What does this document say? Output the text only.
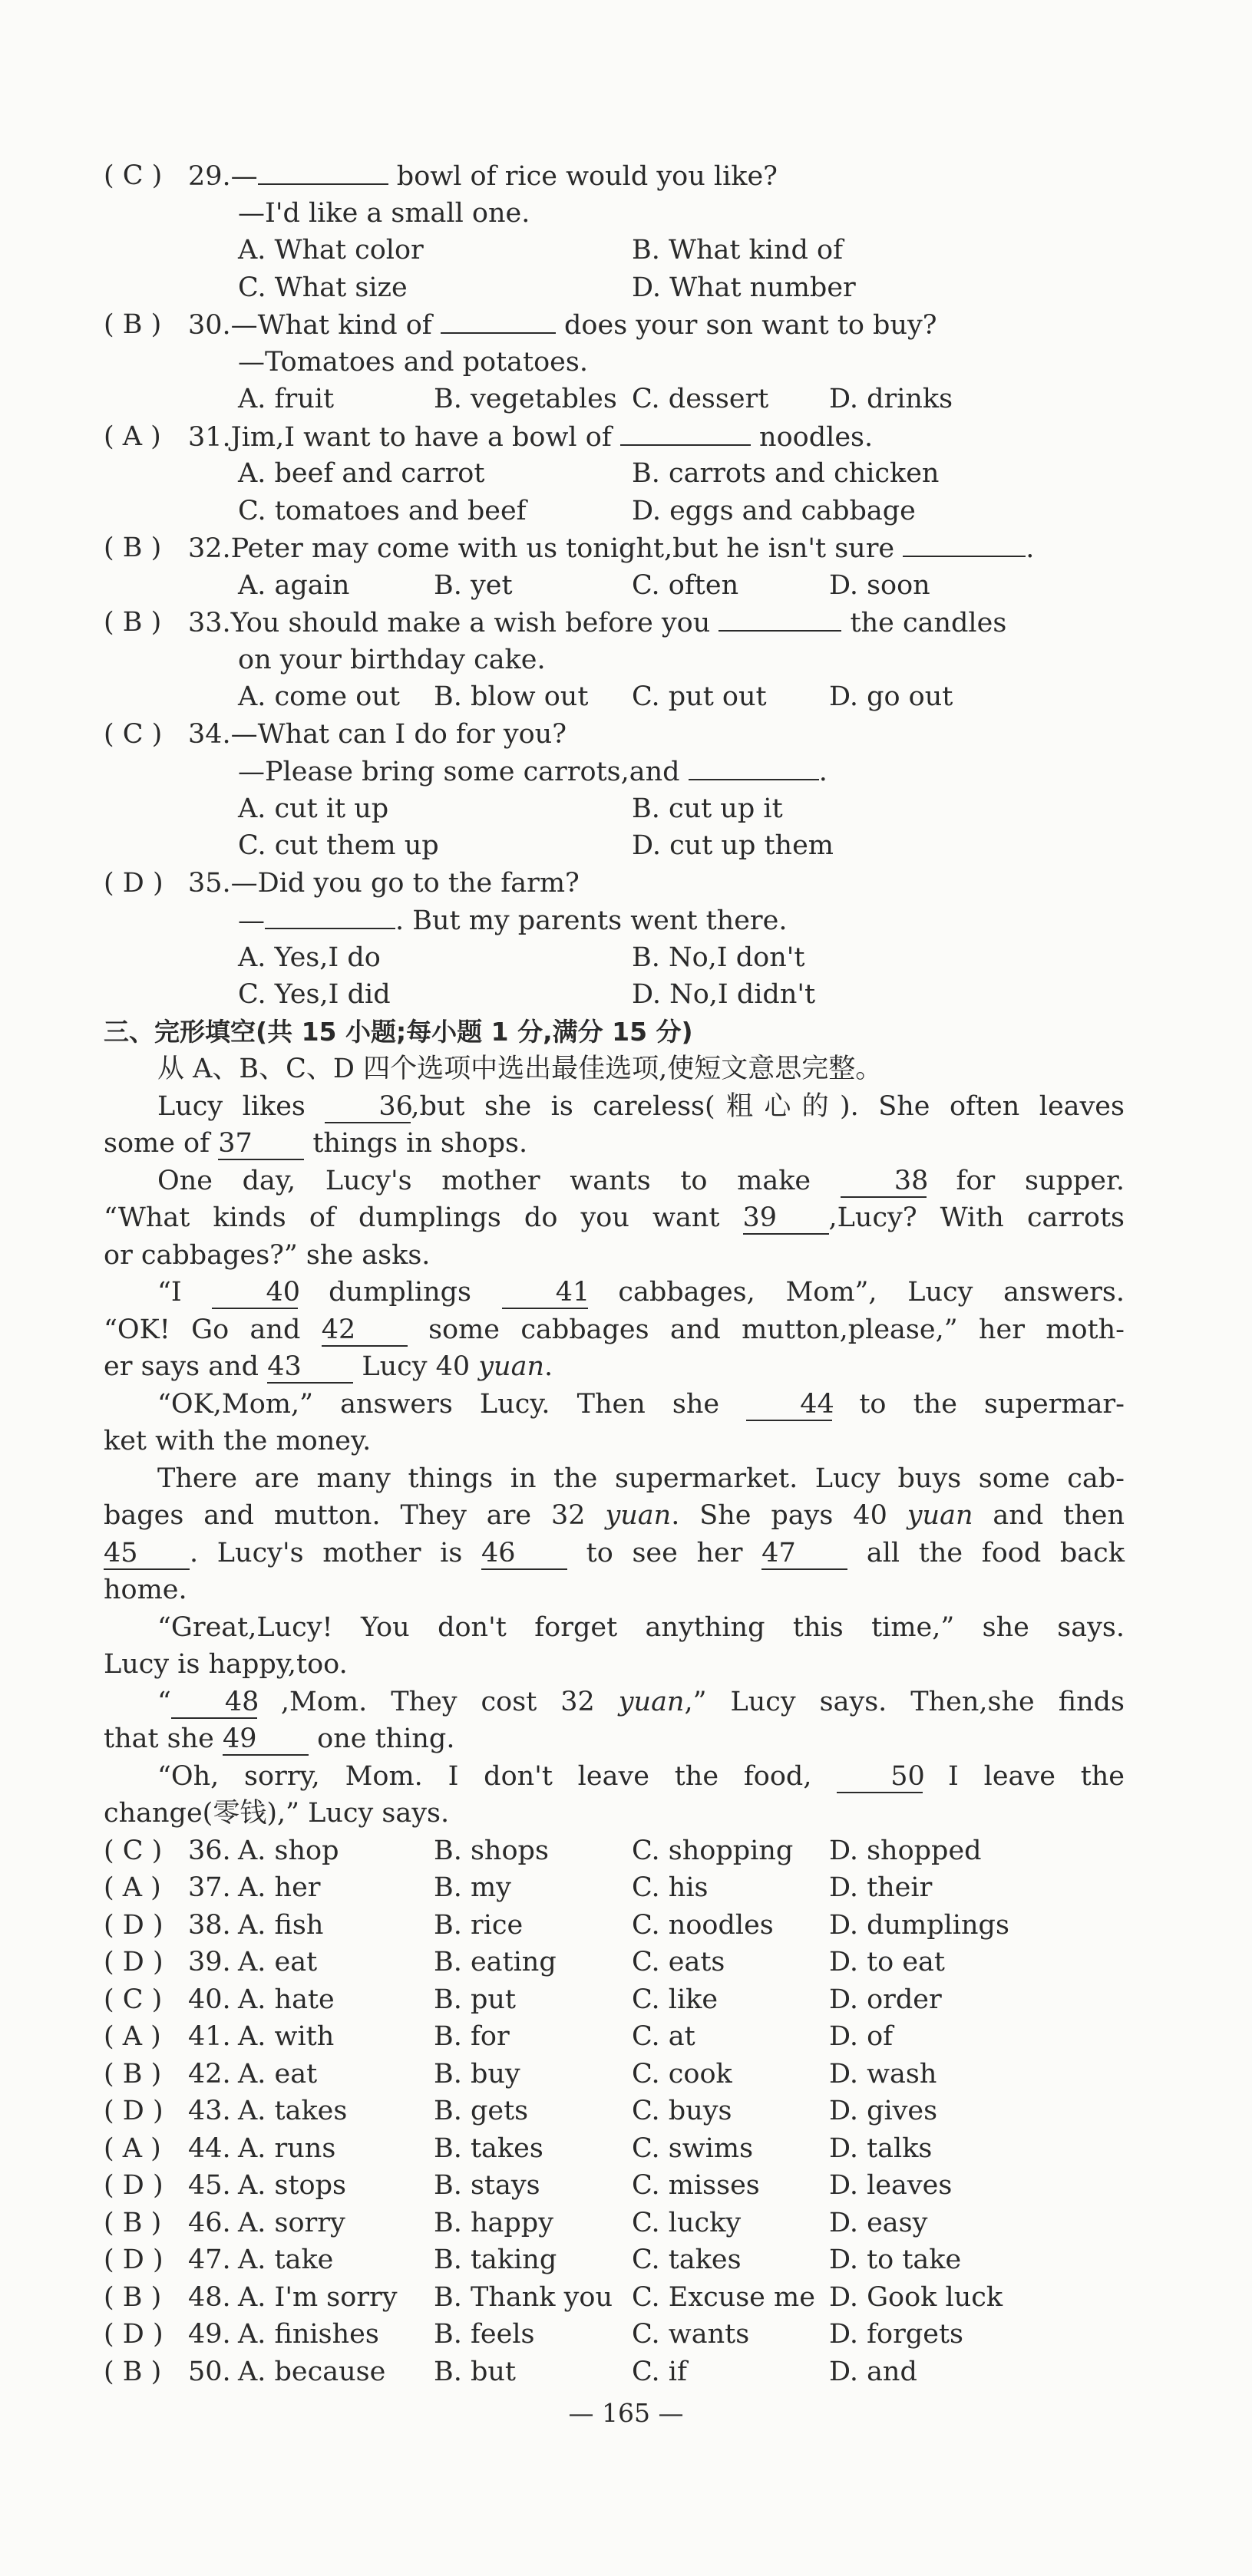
( C ) 29.—	bowl of rice would you like?
—I'd like a small one.
A. What color	B. What kind of
C. What size	D. What number
( B ) 30.—What kind of	does your son want to buy?
—Tomatoes and potatoes.
A. fruit	B. vegetables C. dessert D. drinks
( A ) 31.Jim,I want to have a bowl of	noodles.
A. beef and carrot	B. carrots and chicken
C. tomatoes and beef	D. eggs and cabbage
( B ) 32.Peter may come with us tonight,but he isn't sure	.
A. again	B. yet	C. often	D. soon
( B ) 33.You should make a wish before you	the candles
on your birthday cake.
A. come out B. blow out C. put out D. go out
( C ) 34.—What can I do for you?
—Please bring some carrots,and	.
A. cut it up	B. cut up it
C. cut them up	D. cut up them
( D ) 35.—Did you go to the farm?
—	. But my parents went there.
A. Yes,I do	B. No,I don't
C. Yes,I did	D. No,I didn't
三、完形填空(共 15 小题;每小题 1 分,满分 15 分)
从 A、B、C、D 四个选项中选出最佳选项,使短文意思完整。
Lucy likes 36,but she is careless(粗心的). She often leaves
some of 37 things in shops.
One day, Lucy's mother wants to make 38 for supper.
“What kinds of dumplings do you want 39 ,Lucy? With carrots
or cabbages?” she asks.
“I 40 dumplings 41 cabbages, Mom”, Lucy answers.
“OK! Go and 42 some cabbages and mutton,please,” her moth-
er says and 43 Lucy 40 yuan.
“OK,Mom,” answers Lucy. Then she 44 to the supermar-
ket with the money.
There are many things in the supermarket. Lucy buys some cab-
bages and mutton. They are 32 yuan. She pays 40 yuan and then
45 . Lucy's mother is 46 to see her 47 all the food back
home.
“Great,Lucy! You don't forget anything this time,” she says.
Lucy is happy,too.
“ 48 ,Mom. They cost 32 yuan,” Lucy says. Then,she finds
that she 49 one thing.
“Oh, sorry, Mom. I don't leave the food, 50 I leave the
change(零钱),” Lucy says.
( C ) 36. A. shop	B. shops	C. shopping D. shopped
( A ) 37. A. her	B. my	C. his	D. their
( D ) 38. A. fish	B. rice	C. noodles D. dumplings
( D ) 39. A. eat	B. eating	C. eats	D. to eat
( C ) 40. A. hate	B. put	C. like	D. order
( A ) 41. A. with	B. for	C. at	D. of
( B ) 42. A. eat	B. buy	C. cook	D. wash
( D ) 43. A. takes	B. gets	C. buys	D. gives
( A ) 44. A. runs	B. takes	C. swims	D. talks
( D ) 45. A. stops	B. stays	C. misses	D. leaves
( B ) 46. A. sorry	B. happy	C. lucky	D. easy
( D ) 47. A. take	B. taking	C. takes	D. to take
( B ) 48. A. I'm sorry B. Thank you C. Excuse me D. Gook luck
( D ) 49. A. finishes B. feels	C. wants	D. forgets
( B ) 50. A. because B. but	C. if	D. and
— 165 —
